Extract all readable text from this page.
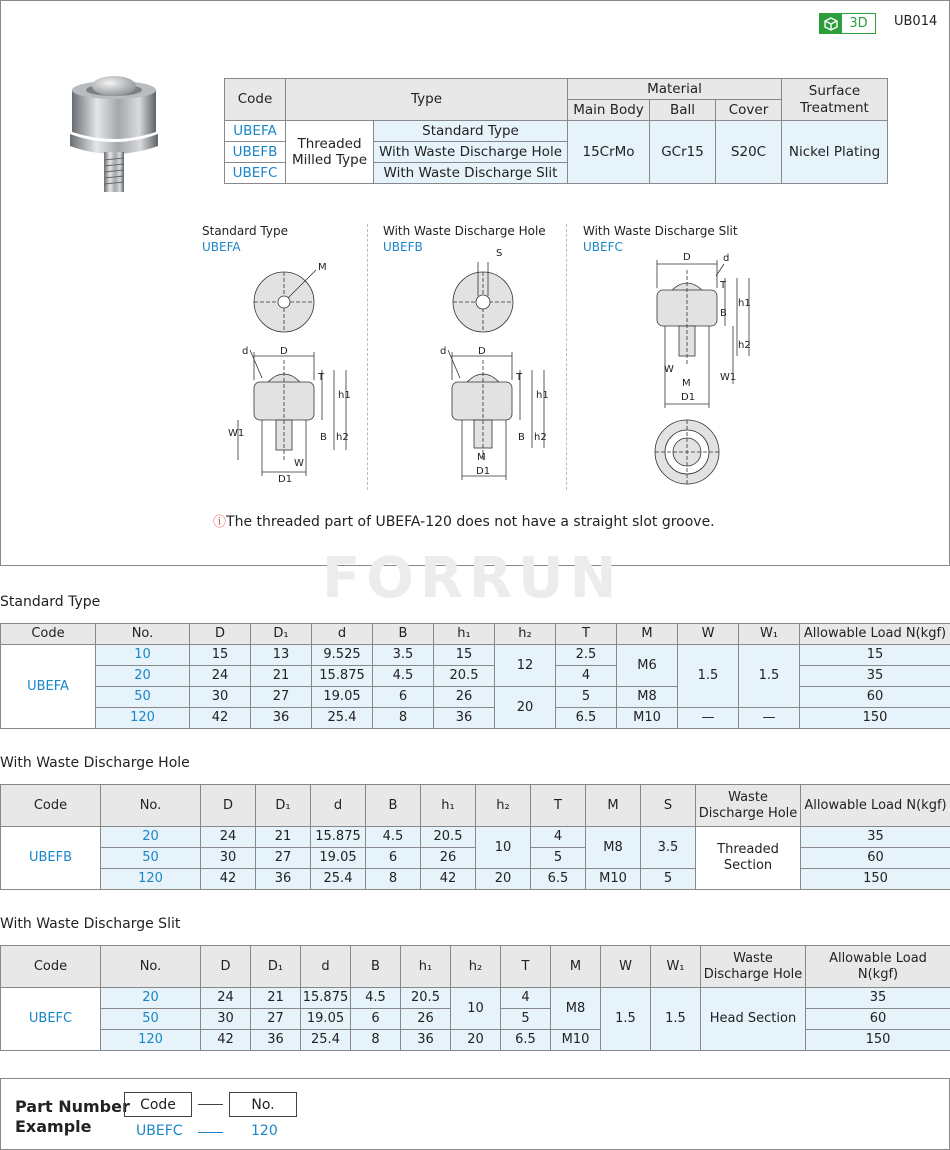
3D	UB014
Code	Type		Material			Surface Treatment
			Main Body	Ball	Cover	
UBEFA	Threaded Milled Type	Standard Type	15CrMo	GCr15	S20C	Nickel Plating
UBEFB		With Waste Discharge Hole				
UBEFC		With Waste Discharge Slit				
Standard Type
UBEFA
With Waste Discharge Hole
UBEFB
With Waste Discharge Slit
UBEFC
M
D
d
T
h1
B h2
W1
W
D1
S
D
d
T
h1
B h2
M
D1
D	d
T
h1
B
h2
W
M
W1
D1
ⓘThe threaded part of UBEFA-120 does not have a straight slot groove.
FORRUN
Standard Type
Code	No.	D	D₁	d	B	h₁	h₂	T	M	W	W₁	Allowable Load N(kgf)
UBEFA	10	15	13	9.525	3.5	15	12	2.5	M6	1.5	1.5	15
	20	24	21	15.875	4.5	20.5		4				35
	50	30	27	19.05	6	26	20	5	M8			60
	120	42	36	25.4	8	36		6.5	M10	—	—	150
With Waste Discharge Hole
Code	No.	D	D₁	d	B	h₁	h₂	T	M	S	Waste Discharge Hole	Allowable Load N(kgf)
UBEFB	20	24	21	15.875	4.5	20.5	10	4	M8	3.5	Threaded Section	35
	50	30	27	19.05	6	26		5				60
	120	42	36	25.4	8	42	20	6.5	M10	5		150
With Waste Discharge Slit
Code	No.	D	D₁	d	B	h₁	h₂	T	M	W	W₁	Waste Discharge Hole	Allowable Load N(kgf)
UBEFC	20	24	21	15.875	4.5	20.5	10	4	M8	1.5	1.5	Head Section	35
	50	30	27	19.05	6	26		5					60
	120	42	36	25.4	8	36	20	6.5	M10				150
Part Number
Example
Code	No.
UBEFC	120
